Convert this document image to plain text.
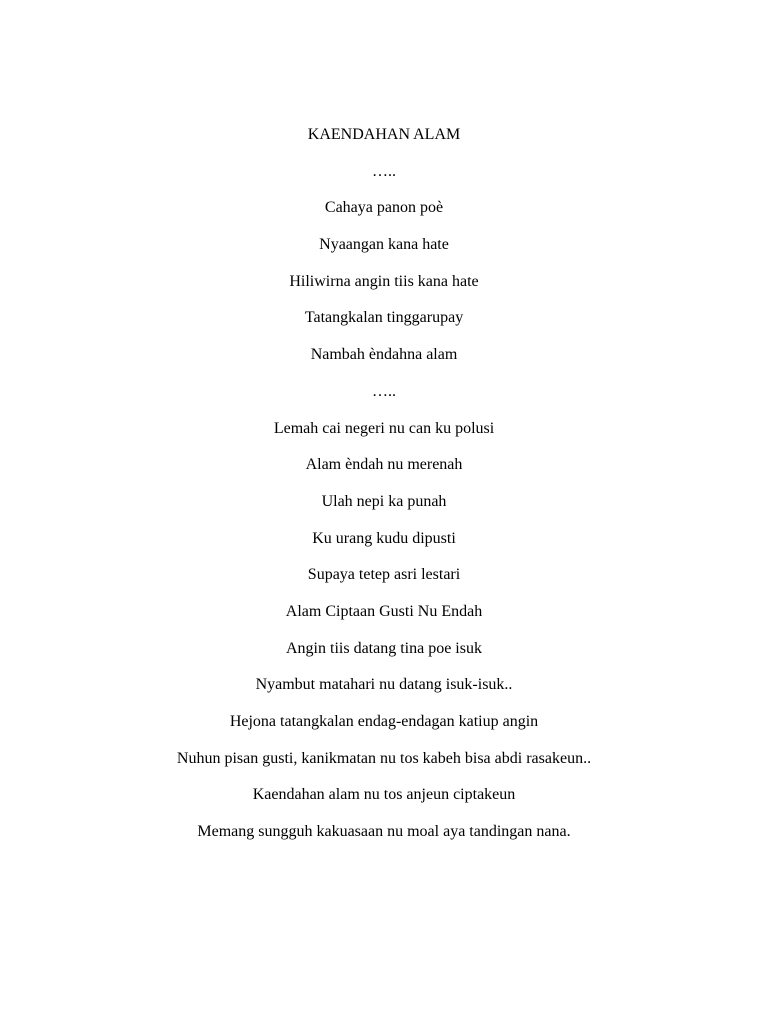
KAENDAHAN ALAM
…..
Cahaya panon poè
Nyaangan kana hate
Hiliwirna angin tiis kana hate
Tatangkalan tinggarupay
Nambah èndahna alam
…..
Lemah cai negeri nu can ku polusi
Alam èndah nu merenah
Ulah nepi ka punah
Ku urang kudu dipusti
Supaya tetep asri lestari
Alam Ciptaan Gusti Nu Endah
Angin tiis datang tina poe isuk
Nyambut matahari nu datang isuk-isuk..
Hejona tatangkalan endag-endagan katiup angin
Nuhun pisan gusti, kanikmatan nu tos kabeh bisa abdi rasakeun..
Kaendahan alam nu tos anjeun ciptakeun
Memang sungguh kakuasaan nu moal aya tandingan nana.
